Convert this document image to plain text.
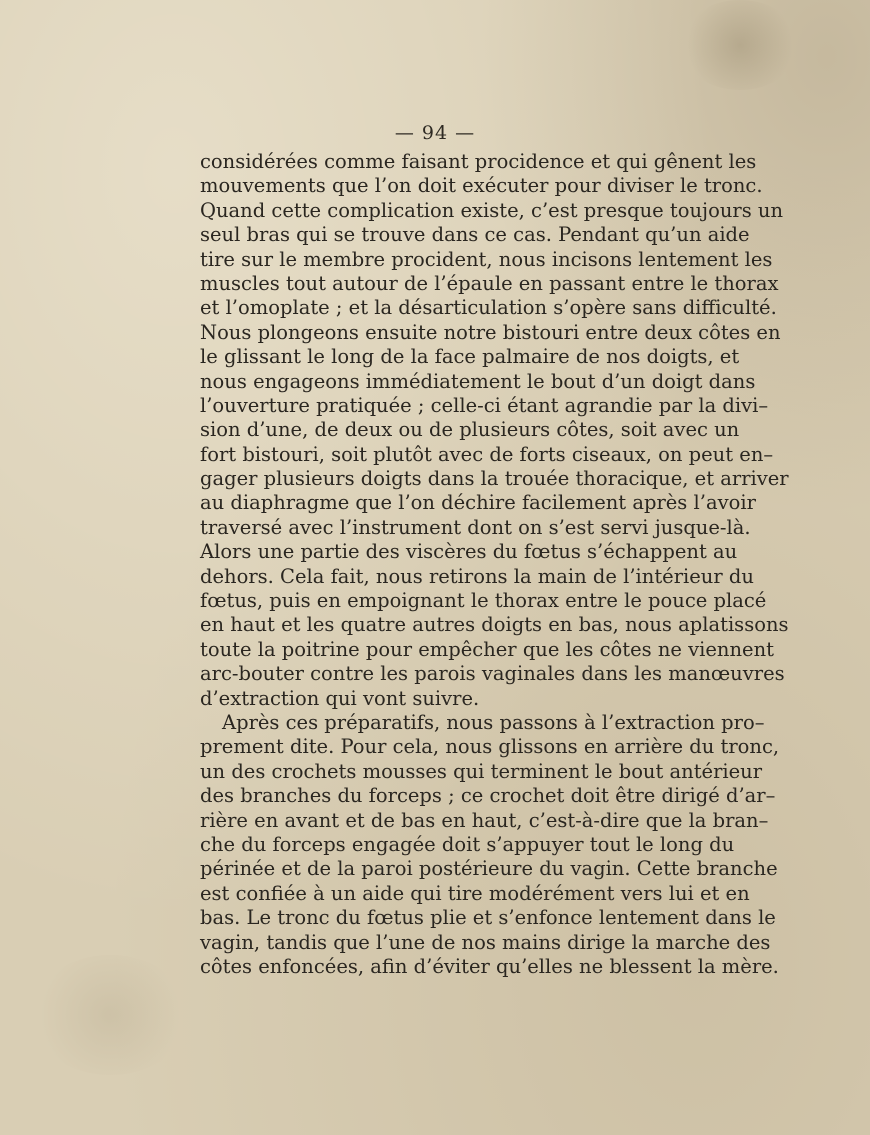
— 94 —
considérées comme faisant procidence et qui gênent les
mouvements que l’on doit exécuter pour diviser le tronc.
Quand cette complication existe, c’est presque toujours un
seul bras qui se trouve dans ce cas. Pendant qu’un aide
tire sur le membre procident, nous incisons lentement les
muscles tout autour de l’épaule en passant entre le thorax
et l’omoplate ; et la désarticulation s’opère sans difficulté.
Nous plongeons ensuite notre bistouri entre deux côtes en
le glissant le long de la face palmaire de nos doigts, et
nous engageons immédiatement le bout d’un doigt dans
l’ouverture pratiquée ; celle-ci étant agrandie par la divi–
sion d’une, de deux ou de plusieurs côtes, soit avec un
fort bistouri, soit plutôt avec de forts ciseaux, on peut en–
gager plusieurs doigts dans la trouée thoracique, et arriver
au diaphragme que l’on déchire facilement après l’avoir
traversé avec l’instrument dont on s’est servi jusque-là.
Alors une partie des viscères du fœtus s’échappent au
dehors. Cela fait, nous retirons la main de l’intérieur du
fœtus, puis en empoignant le thorax entre le pouce placé
en haut et les quatre autres doigts en bas, nous aplatissons
toute la poitrine pour empêcher que les côtes ne viennent
arc-bouter contre les parois vaginales dans les manœuvres
d’extraction qui vont suivre.
Après ces préparatifs, nous passons à l’extraction pro–
prement dite. Pour cela, nous glissons en arrière du tronc,
un des crochets mousses qui terminent le bout antérieur
des branches du forceps ; ce crochet doit être dirigé d’ar–
rière en avant et de bas en haut, c’est-à-dire que la bran–
che du forceps engagée doit s’appuyer tout le long du
périnée et de la paroi postérieure du vagin. Cette branche
est confiée à un aide qui tire modérément vers lui et en
bas. Le tronc du fœtus plie et s’enfonce lentement dans le
vagin, tandis que l’une de nos mains dirige la marche des
côtes enfoncées, afin d’éviter qu’elles ne blessent la mère.
